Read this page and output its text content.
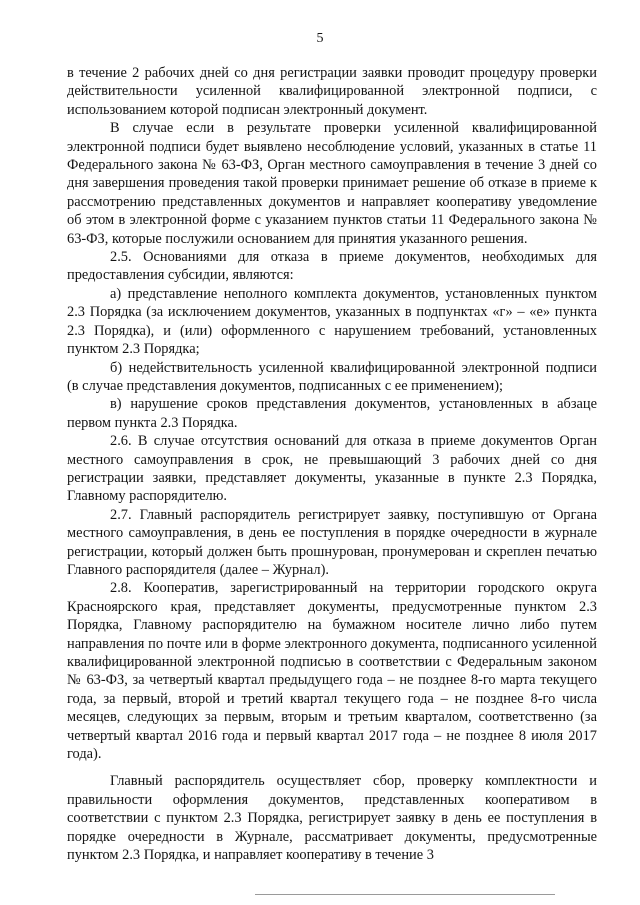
5

в течение 2 рабочих дней со дня регистрации заявки проводит процедуру проверки действительности усиленной квалифицированной электронной подписи, с использованием которой подписан электронный документ.

В случае если в результате проверки усиленной квалифицированной электронной подписи будет выявлено несоблюдение условий, указанных в статье 11 Федерального закона № 63-ФЗ, Орган местного самоуправления в течение 3 дней со дня завершения проведения такой проверки принимает решение об отказе в приеме к рассмотрению представленных документов и направляет кооперативу уведомление об этом в электронной форме с указанием пунктов статьи 11 Федерального закона № 63-ФЗ, которые послужили основанием для принятия указанного решения.

2.5. Основаниями для отказа в приеме документов, необходимых для предоставления субсидии, являются:

а) представление неполного комплекта документов, установленных пунктом 2.3 Порядка (за исключением документов, указанных в подпунктах «г» – «е» пункта 2.3 Порядка), и (или) оформленного с нарушением требований, установленных пунктом 2.3 Порядка;

б) недействительность усиленной квалифицированной электронной подписи (в случае представления документов, подписанных с ее применением);

в) нарушение сроков представления документов, установленных в абзаце первом пункта 2.3 Порядка.

2.6. В случае отсутствия оснований для отказа в приеме документов Орган местного самоуправления в срок, не превышающий 3 рабочих дней со дня регистрации заявки, представляет документы, указанные в пункте 2.3 Порядка, Главному распорядителю.

2.7. Главный распорядитель регистрирует заявку, поступившую от Органа местного самоуправления, в день ее поступления в порядке очередности в журнале регистрации, который должен быть прошнурован, пронумерован и скреплен печатью Главного распорядителя (далее – Журнал).

2.8. Кооператив, зарегистрированный на территории городского округа Красноярского края, представляет документы, предусмотренные пунктом 2.3 Порядка, Главному распорядителю на бумажном носителе лично либо путем направления по почте или в форме электронного документа, подписанного усиленной квалифицированной электронной подписью в соответствии с Федеральным законом № 63-ФЗ, за четвертый квартал предыдущего года – не позднее 8-го марта текущего года, за первый, второй и третий квартал текущего года – не позднее 8-го числа месяцев, следующих за первым, вторым и третьим кварталом, соответственно (за четвертый квартал 2016 года и первый квартал 2017 года – не позднее 8 июля 2017 года).

Главный распорядитель осуществляет сбор, проверку комплектности и правильности оформления документов, представленных кооперативом в соответствии с пунктом 2.3 Порядка, регистрирует заявку в день ее поступления в порядке очередности в Журнале, рассматривает документы, предусмотренные пунктом 2.3 Порядка, и направляет кооперативу в течение 3
